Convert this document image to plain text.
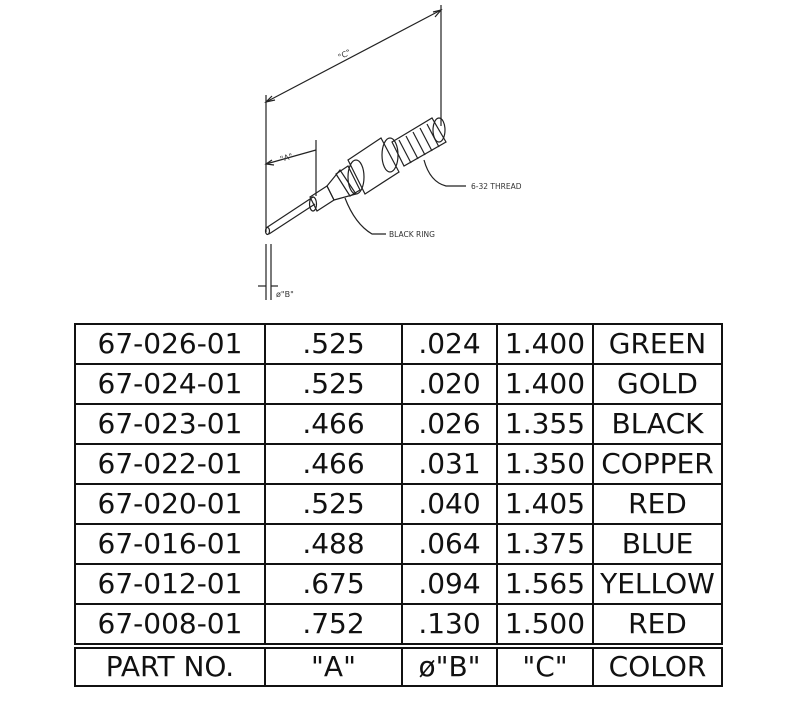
"C"
"A"
ø"B"
6-32 THREAD
BLACK RING
67-026-01	.525	.024	1.400	GREEN
67-024-01	.525	.020	1.400	GOLD
67-023-01	.466	.026	1.355	BLACK
67-022-01	.466	.031	1.350	COPPER
67-020-01	.525	.040	1.405	RED
67-016-01	.488	.064	1.375	BLUE
67-012-01	.675	.094	1.565	YELLOW
67-008-01	.752	.130	1.500	RED
PART NO.	"A"	ø"B"	"C"	COLOR
